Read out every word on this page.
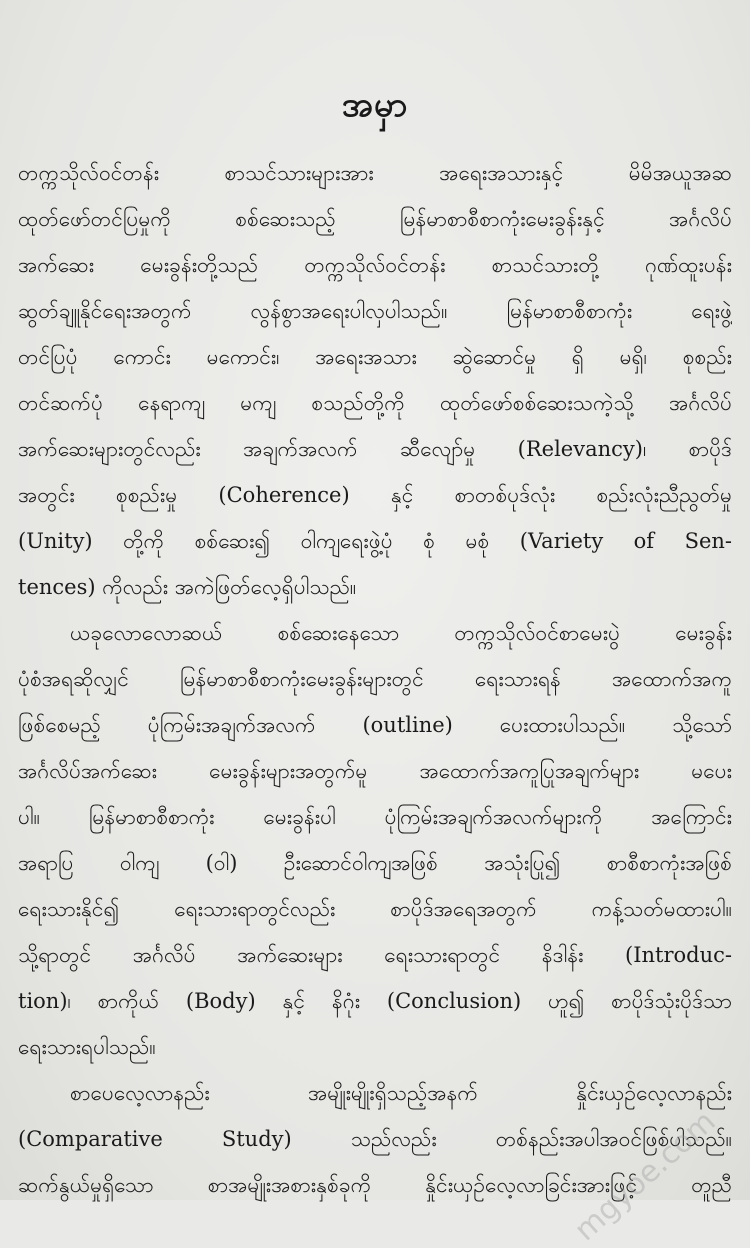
အမှာ
တက္ကသိုလ်ဝင်တန်း စာသင်သားများအား အရေးအသားနှင့် မိမိအယူအဆ
ထုတ်ဖော်တင်ပြမှုကို စစ်ဆေးသည့် မြန်မာစာစီစာကုံးမေးခွန်းနှင့် အင်္ဂလိပ်
အက်ဆေး မေးခွန်းတို့သည် တက္ကသိုလ်ဝင်တန်း စာသင်သားတို့ ဂုဏ်ထူးပန်း
ဆွတ်ချူနိုင်ရေးအတွက် လွန်စွာအရေးပါလှပါသည်။ မြန်မာစာစီစာကုံး ရေးဖွဲ့
တင်ပြပုံ ကောင်း မကောင်း၊ အရေးအသား ဆွဲဆောင်မှု ရှိ မရှိ၊ စုစည်း
တင်ဆက်ပုံ နေရာကျ မကျ စသည်တို့ကို ထုတ်ဖော်စစ်ဆေးသကဲ့သို့ အင်္ဂလိပ်
အက်ဆေးများတွင်လည်း အချက်အလက် ဆီလျော်မှု (Relevancy)၊ စာပိုဒ်
အတွင်း စုစည်းမှု (Coherence) နှင့် စာတစ်ပုဒ်လုံး စည်းလုံးညီညွတ်မှု
(Unity) တို့ကို စစ်ဆေး၍ ဝါကျရေးဖွဲ့ပုံ စုံ မစုံ (Variety of Sen-
tences) ကိုလည်း အကဲဖြတ်လေ့ရှိပါသည်။
ယခုလောလောဆယ် စစ်ဆေးနေသော တက္ကသိုလ်ဝင်စာမေးပွဲ မေးခွန်း
ပုံစံအရဆိုလျှင် မြန်မာစာစီစာကုံးမေးခွန်းများတွင် ရေးသားရန် အထောက်အကူ
ဖြစ်စေမည့် ပုံကြမ်းအချက်အလက် (outline) ပေးထားပါသည်။ သို့သော်
အင်္ဂလိပ်အက်ဆေး မေးခွန်းများအတွက်မူ အထောက်အကူပြုအချက်များ မပေး
ပါ။ မြန်မာစာစီစာကုံး မေးခွန်းပါ ပုံကြမ်းအချက်အလက်များကို အကြောင်း
အရာပြ ဝါကျ (ဝါ) ဦးဆောင်ဝါကျအဖြစ် အသုံးပြု၍ စာစီစာကုံးအဖြစ်
ရေးသားနိုင်၍ ရေးသားရာတွင်လည်း စာပိုဒ်အရေအတွက် ကန့်သတ်မထားပါ။
သို့ရာတွင် အင်္ဂလိပ် အက်ဆေးများ ရေးသားရာတွင် နိဒါန်း (Introduc-
tion)၊ စာကိုယ် (Body) နှင့် နိဂုံး (Conclusion) ဟူ၍ စာပိုဒ်သုံးပိုဒ်သာ
ရေးသားရပါသည်။
စာပေလေ့လာနည်း အမျိုးမျိုးရှိသည့်အနက် နှိုင်းယှဉ်လေ့လာနည်း
(Comparative Study) သည်လည်း တစ်နည်းအပါအဝင်ဖြစ်ပါသည်။
ဆက်နွယ်မှုရှိသော စာအမျိုးအစားနှစ်ခုကို နှိုင်းယှဉ်လေ့လာခြင်းအားဖြင့် တူညီ
mgyoe.com
